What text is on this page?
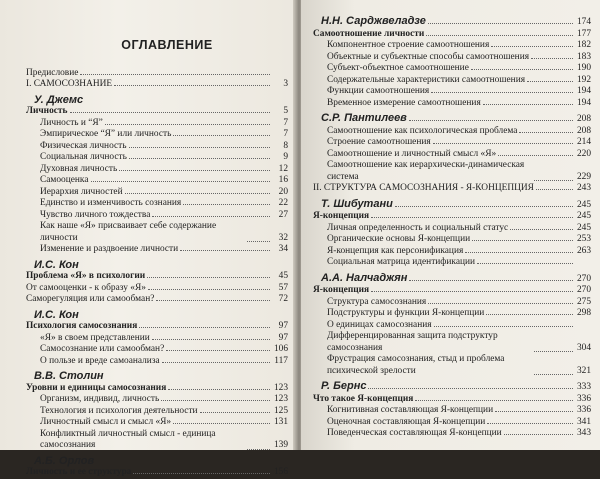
ОГЛАВЛЕНИЕ
Предисловие
I. САМОСОЗНАНИЕ	3
У. Джемс
Личность	5
Личность и “Я”	7
Эмпирическое “Я” или личность	7
Физическая личность	8
Социальная личность	9
Духовная личность	12
Самооценка	16
Иерархия личностей	20
Единство и изменчивость сознания	22
Чувство личного тождества	27
Как наше «Я» присваивает себе содержание личности	32
Изменение и раздвоение личности	34
И.С. Кон
Проблема «Я» в психологии	45
От самооценки - к образу «Я»	57
Саморегуляция или самообман?	72
И.С. Кон
Психология самосознания	97
«Я» в своем представлении	97
Самосознание или самообман?	106
О пользе и вреде самоанализа	117
В.В. Столин
Уровни и единицы самосознания	123
Организм, индивид, личность	123
Технология и психология деятельности	125
Личностный смысл и смысл «Я»	131
Конфликтный личностный смысл - единица самосознания	139
А.Б. Орлов
Личность и ее структура	156
Н.Н. Сарджвеладзе	174
Самоотношение личности	177
Компонентное строение самоотношения	182
Объектные и субъектные способы самоотношения	183
Субъект-объектное самоотношение	190
Содержательные характеристики самоотношения	192
Функции самоотношения	194
Временное измерение самоотношения	194
С.Р. Пантилеев	208
Самоотношение как психологическая проблема	208
Строение самоотношения	214
Самоотношение и личностный смысл «Я»	220
Самоотношение как иерархически-динамическая система	229
II. СТРУКТУРА САМОСОЗНАНИЯ - Я-КОНЦЕПЦИЯ	243
Т. Шибутани	245
Я-концепция	245
Личная определенность и социальный статус	245
Органические основы Я-концепции	253
Я-концепция как персонификация	263
Социальная матрица идентификации
А.А. Налчаджян	270
Я-концепция	270
Структура самосознания	275
Подструктуры и функции Я-концепции	298
О единицах самосознания
Дифференцированная защита подструктур самосознания	304
Фрустрация самосознания, стыд и проблема психической зрелости	321
Р. Бернс	333
Что такое Я-концепция	336
Когнитивная составляющая Я-концепции	336
Оценочная составляющая Я-концепции	341
Поведенческая составляющая Я-концепции	343
